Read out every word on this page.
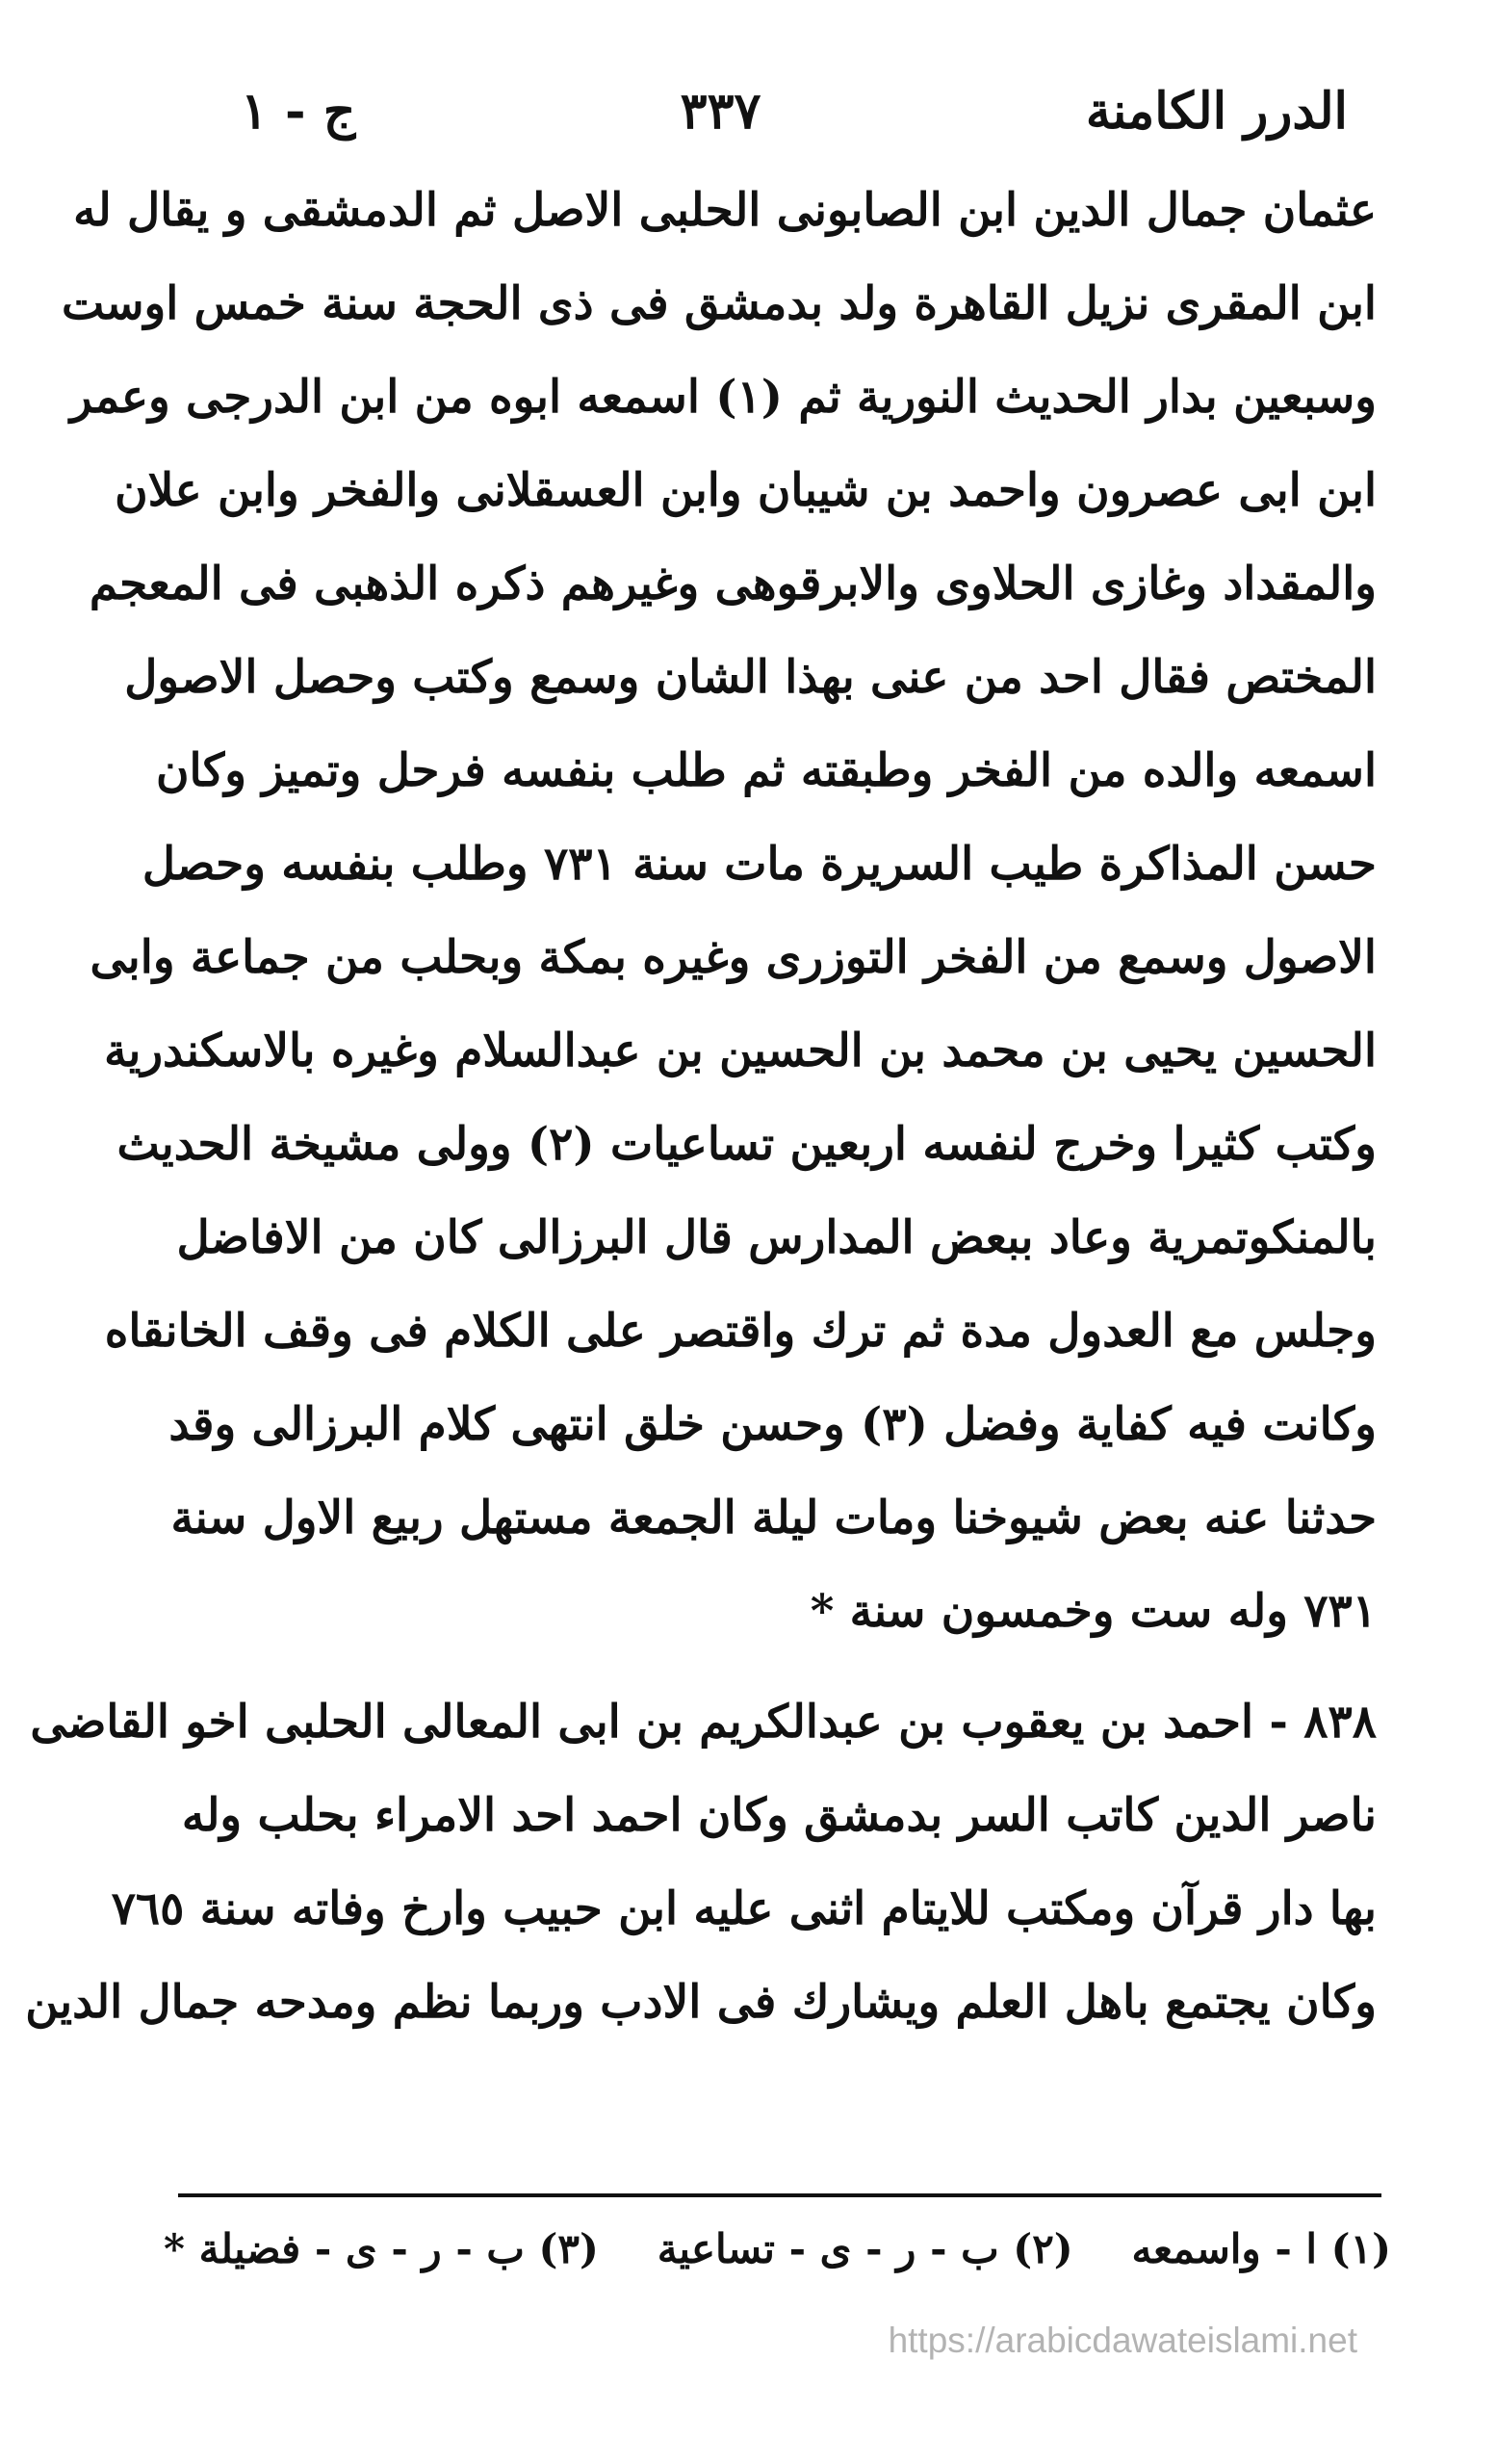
الدرر الكامنة
٣٣٧
ج - ١
عثمان جمال الدين ابن الصابونى الحلبى الاصل ثم الدمشقى و يقال له
ابن المقرى نزيل القاهرة ولد بدمشق فى ذى الحجة سنة خمس اوست
وسبعين بدار الحديث النورية ثم (١) اسمعه ابوه من ابن الدرجى وعمر
ابن ابى عصرون واحمد بن شيبان وابن العسقلانى والفخر وابن علان
والمقداد وغازى الحلاوى والابرقوهى وغيرهم ذكره الذهبى فى المعجم
المختص فقال احد من عنى بهذا الشان وسمع وكتب وحصل الاصول
اسمعه والده من الفخر وطبقته ثم طلب بنفسه فرحل وتميز وكان
حسن المذاكرة طيب السريرة مات سنة ٧٣١ وطلب بنفسه وحصل
الاصول وسمع من الفخر التوزرى وغيره بمكة وبحلب من جماعة وابى
الحسين يحيى بن محمد بن الحسين بن عبدالسلام وغيره بالاسكندرية
وكتب كثيرا وخرج لنفسه اربعين تساعيات (٢) وولى مشيخة الحديث
بالمنكوتمرية وعاد ببعض المدارس قال البرزالى كان من الافاضل
وجلس مع العدول مدة ثم ترك واقتصر على الكلام فى وقف الخانقاه
وكانت فيه كفاية وفضل (٣) وحسن خلق انتهى كلام البرزالى وقد
حدثنا عنه بعض شيوخنا ومات ليلة الجمعة مستهل ربيع الاول سنة
٧٣١ وله ست وخمسون سنة *
٨٣٨ - احمد بن يعقوب بن عبدالكريم بن ابى المعالى الحلبى اخو القاضى
ناصر الدين كاتب السر بدمشق وكان احمد احد الامراء بحلب وله
بها دار قرآن ومكتب للايتام اثنى عليه ابن حبيب وارخ وفاته سنة ٧٦٥
وكان يجتمع باهل العلم ويشارك فى الادب وربما نظم ومدحه جمال الدين
(١) ا - واسمعه
(٢) ب - ر - ى - تساعية
(٣) ب - ر - ى - فضيلة *
https://arabicdawateislami.net
